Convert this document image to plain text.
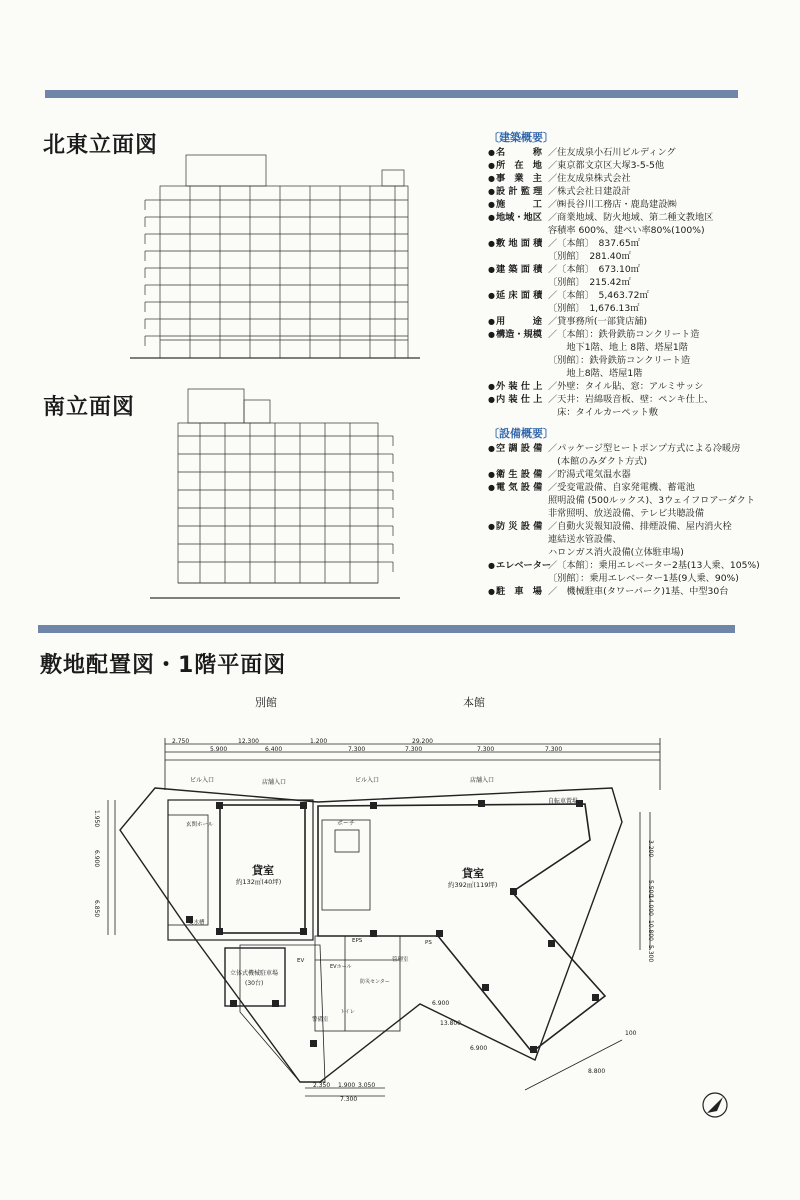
北東立面図
南立面図
〔建築概要〕
● 名　　　称 ／住友成泉小石川ビルディング
● 所　在　地 ／東京都文京区大塚3-5-5他
● 事　業　主 ／住友成泉株式会社
● 設 計 監 理 ／株式会社日建設計
● 施　　　工 ／㈱長谷川工務店・鹿島建設㈱
● 地域・地区 ／商業地域、防火地域、第二種文教地区
容積率 600%、建ぺい率80%(100%)
● 敷 地 面 積 ／〔本館〕　837.65㎡
〔別館〕　281.40㎡
● 建 築 面 積 ／〔本館〕　673.10㎡
〔別館〕　215.42㎡
● 延 床 面 積 ／〔本館〕　5,463.72㎡
〔別館〕　1,676.13㎡
● 用　　　途 ／貸事務所(一部貸店舗)
● 構造・規模 ／〔本館〕：鉄骨鉄筋コンクリート造
　　地下1階、地上 8階、塔屋1階
〔別館〕：鉄骨鉄筋コンクリート造
　　地上8階、塔屋1階
● 外 装 仕 上 ／外壁：タイル貼、窓：アルミサッシ
● 内 装 仕 上 ／天井：岩綿吸音板、壁：ペンキ仕上、
　床：タイルカーペット敷
〔設備概要〕
● 空 調 設 備 ／パッケージ型ヒートポンプ方式による冷暖房
　(本館のみダクト方式)
● 衛 生 設 備 ／貯湯式電気温水器
● 電 気 設 備 ／受変電設備、自家発電機、蓄電池
照明設備 (500ルックス)、3ウェイフロアーダクト
非常照明、放送設備、テレビ共聴設備
● 防 災 設 備 ／自動火災報知設備、排煙設備、屋内消火栓
連結送水管設備、
ハロンガス消火設備(立体駐車場)
● エレベーター
／〔本館〕：乗用エレベーター2基(13人乗、105%)
〔別館〕：乗用エレベーター1基(9人乗、90%)
● 駐　車　場 ／　機械駐車(タワーパーク)1基、中型30台
敷地配置図・1階平面図
別館	本館
貸室
約132㎡(40坪)
貸室
約392㎡(119坪)
ポーチ
立体式機械駐車場
(30台)
ビル入口	店舗入口	ビル入口	店舗入口
自転車置場
玄関ホール
受水槽
EVホール
管理室
防災センター
警備室
トイレ
EV
EPS	PS
2.750	12.300	1.200	29.200
5.900	6.400	7.300	7.300	7.300	7.300
2.350 1.900 3.050
7.300
3.200
5.500
14.000
10.800
5.300
1.950
6.900
6.850
6.900
13.800
6.900
8.800
100
